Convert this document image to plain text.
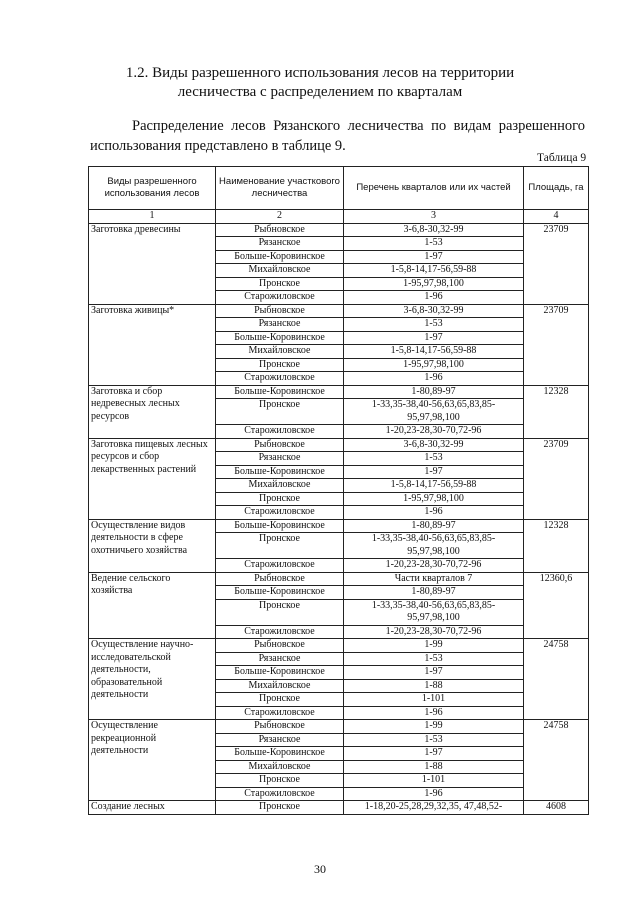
1.2. Виды разрешенного использования лесов на территории
лесничества с распределением по кварталам
Распределение лесов Рязанского лесничества по видам разрешенного
использования представлено в таблице 9.
Таблица 9
Виды разрешенного использования лесов	Наименование участкового лесничества	Перечень кварталов или их частей	Площадь, га
1	2	3	4
Заготовка древесины	Рыбновское	3-6,8-30,32-99	23709
	Рязанское	1-53	
	Больше-Коровинское	1-97	
	Михайловское	1-5,8-14,17-56,59-88	
	Пронское	1-95,97,98,100	
	Старожиловское	1-96	
Заготовка живицы*	Рыбновское	3-6,8-30,32-99	23709
	Рязанское	1-53	
	Больше-Коровинское	1-97	
	Михайловское	1-5,8-14,17-56,59-88	
	Пронское	1-95,97,98,100	
	Старожиловское	1-96	
Заготовка и сбор недревесных лесных ресурсов	Больше-Коровинское	1-80,89-97	12328
	Пронское	1-33,35-38,40-56,63,65,83,85-95,97,98,100	
	Старожиловское	1-20,23-28,30-70,72-96	
Заготовка пищевых лесных ресурсов и сбор лекарственных растений	Рыбновское	3-6,8-30,32-99	23709
	Рязанское	1-53	
	Больше-Коровинское	1-97	
	Михайловское	1-5,8-14,17-56,59-88	
	Пронское	1-95,97,98,100	
	Старожиловское	1-96	
Осуществление видов деятельности в сфере охотничьего хозяйства	Больше-Коровинское	1-80,89-97	12328
	Пронское	1-33,35-38,40-56,63,65,83,85-95,97,98,100	
	Старожиловское	1-20,23-28,30-70,72-96	
Ведение сельского хозяйства	Рыбновское	Части кварталов 7	12360,6
	Больше-Коровинское	1-80,89-97	
	Пронское	1-33,35-38,40-56,63,65,83,85-95,97,98,100	
	Старожиловское	1-20,23-28,30-70,72-96	
Осуществление научно-исследовательской деятельности, образовательной деятельности	Рыбновское	1-99	24758
	Рязанское	1-53	
	Больше-Коровинское	1-97	
	Михайловское	1-88	
	Пронское	1-101	
	Старожиловское	1-96	
Осуществление рекреационной деятельности	Рыбновское	1-99	24758
	Рязанское	1-53	
	Больше-Коровинское	1-97	
	Михайловское	1-88	
	Пронское	1-101	
	Старожиловское	1-96	
Создание лесных	Пронское	1-18,20-25,28,29,32,35, 47,48,52-	4608
30
